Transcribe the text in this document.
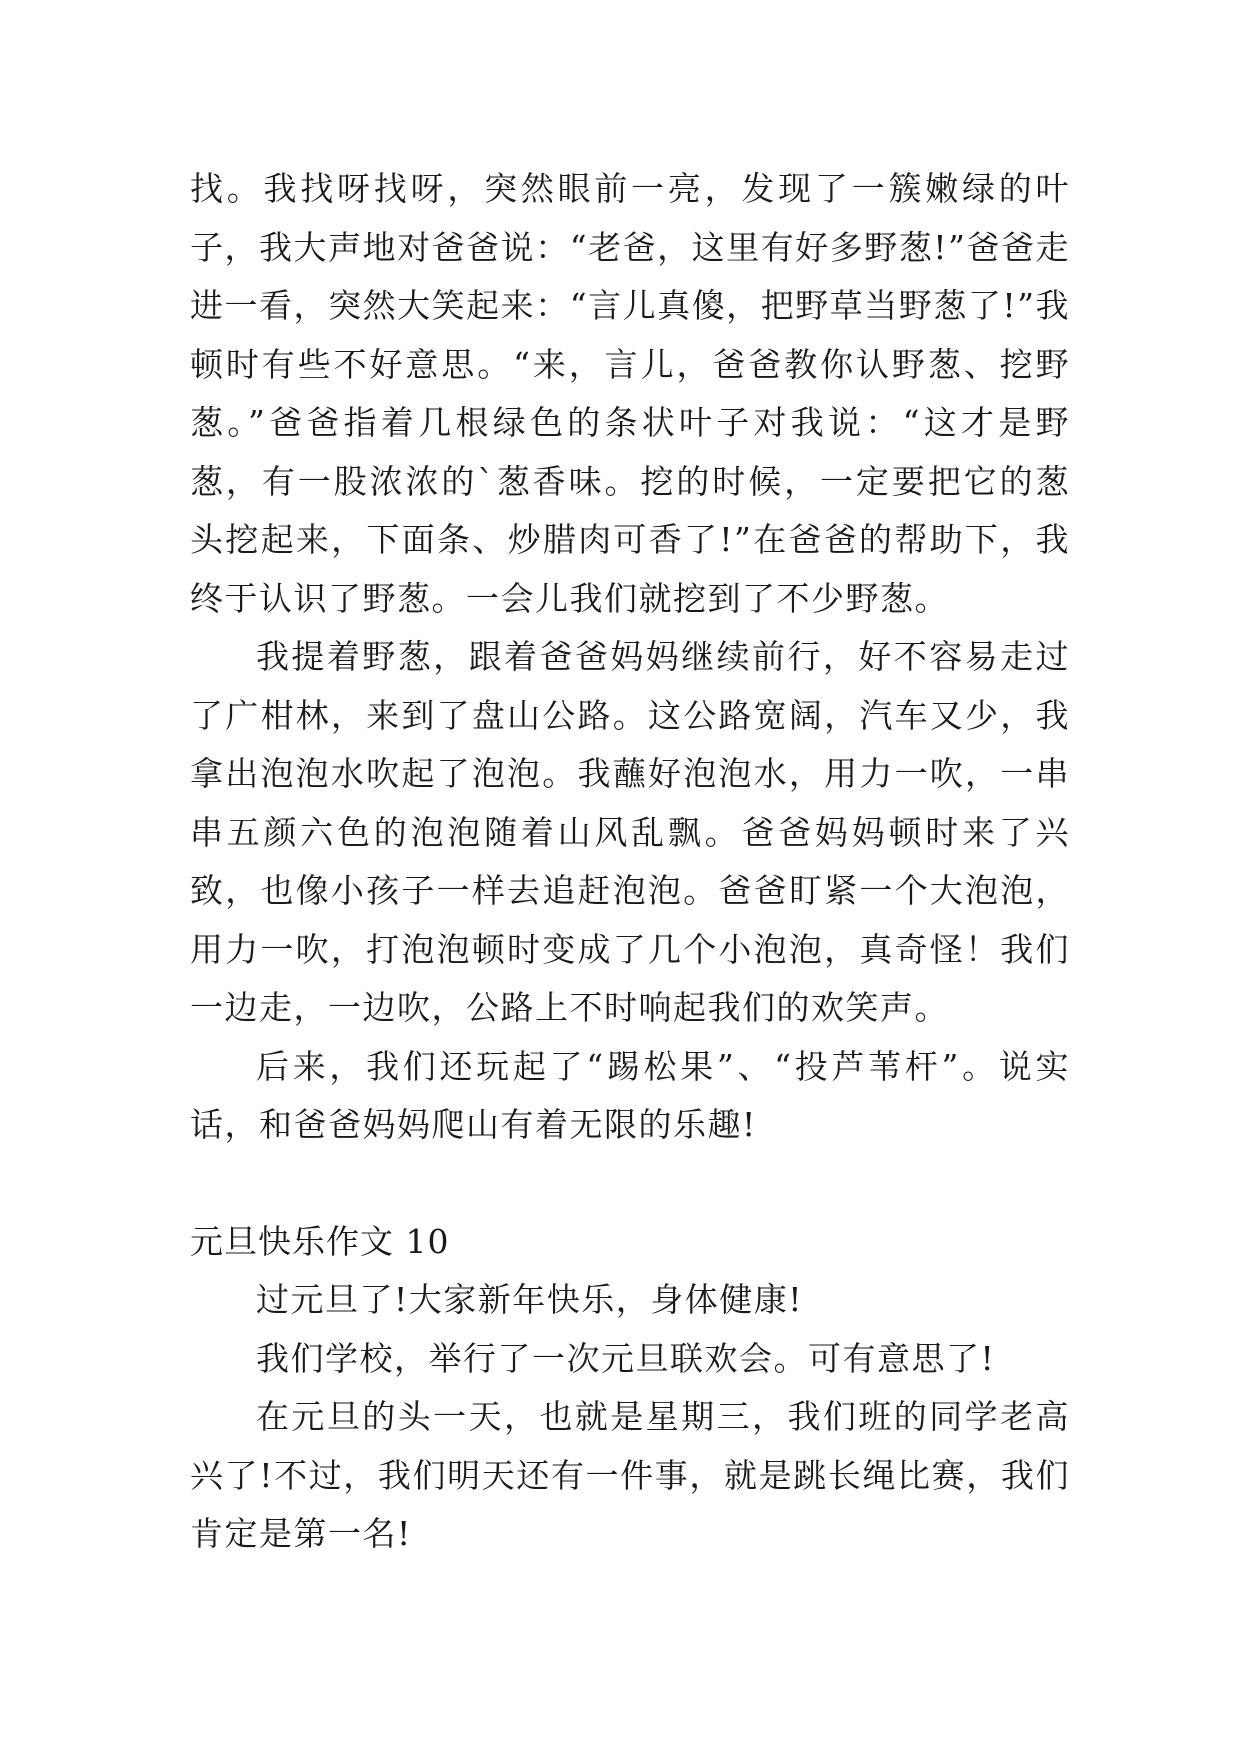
找。我找呀找呀，突然眼前一亮，发现了一簇嫩绿的叶子，我大声地对爸爸说：“老爸，这里有好多野葱!”爸爸走进一看，突然大笑起来：“言儿真傻，把野草当野葱了!”我顿时有些不好意思。“来，言儿，爸爸教你认野葱、挖野葱。”爸爸指着几根绿色的条状叶子对我说：“这才是野葱，有一股浓浓的`葱香味。挖的时候，一定要把它的葱头挖起来，下面条、炒腊肉可香了!”在爸爸的帮助下，我终于认识了野葱。一会儿我们就挖到了不少野葱。

我提着野葱，跟着爸爸妈妈继续前行，好不容易走过了广柑林，来到了盘山公路。这公路宽阔，汽车又少，我拿出泡泡水吹起了泡泡。我蘸好泡泡水，用力一吹，一串串五颜六色的泡泡随着山风乱飘。爸爸妈妈顿时来了兴致，也像小孩子一样去追赶泡泡。爸爸盯紧一个大泡泡，用力一吹，打泡泡顿时变成了几个小泡泡，真奇怪！我们一边走，一边吹，公路上不时响起我们的欢笑声。

后来，我们还玩起了“踢松果”、“投芦苇杆”。说实话，和爸爸妈妈爬山有着无限的乐趣!

元旦快乐作文 10

过元旦了!大家新年快乐，身体健康!

我们学校，举行了一次元旦联欢会。可有意思了!

在元旦的头一天，也就是星期三，我们班的同学老高兴了!不过，我们明天还有一件事，就是跳长绳比赛，我们肯定是第一名!
